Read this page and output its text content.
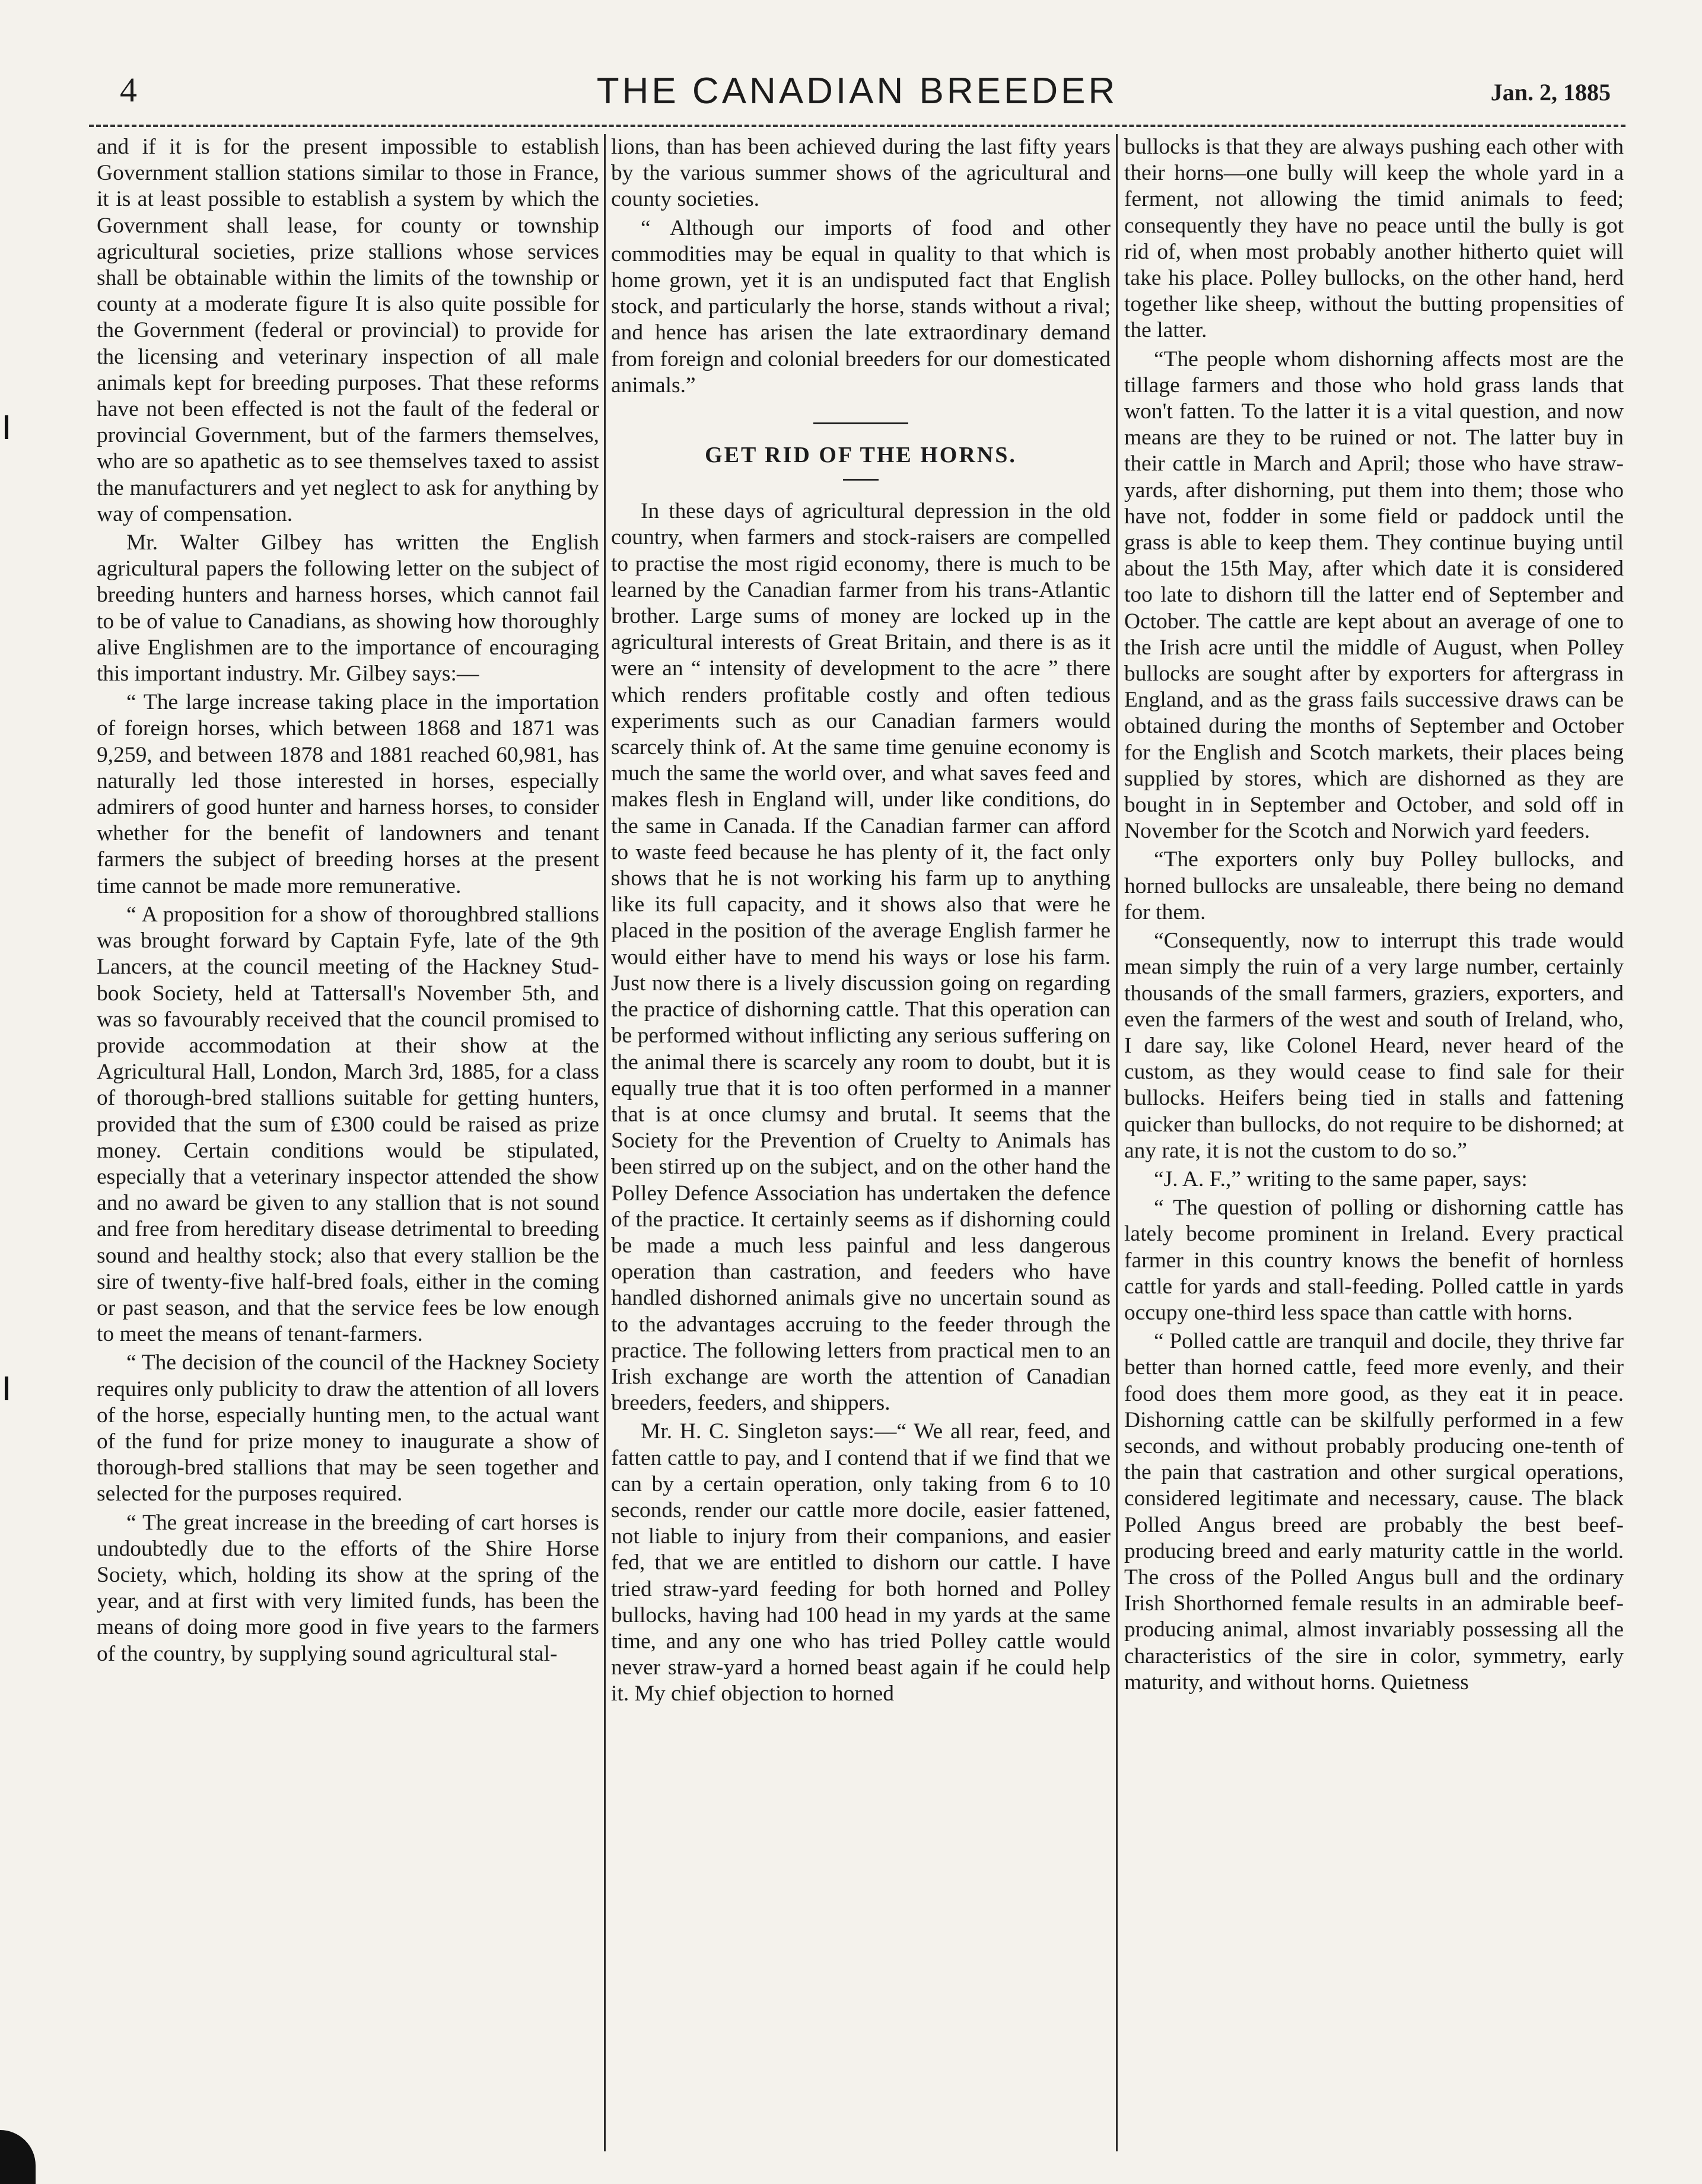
4	THE CANADIAN BREEDER	Jan. 2, 1885

and if it is for the present impossible to establish Government stallion stations similar to those in France, it is at least possible to establish a system by which the Government shall lease, for county or township agricultural societies, prize stallions whose services shall be obtainable within the limits of the township or county at a moderate figure It is also quite possible for the Government (federal or provincial) to provide for the licensing and veterinary inspection of all male animals kept for breeding purposes. That these reforms have not been effected is not the fault of the federal or provincial Government, but of the farmers themselves, who are so apathetic as to see themselves taxed to assist the manufacturers and yet neglect to ask for anything by way of compensation.

Mr. Walter Gilbey has written the English agricultural papers the following letter on the subject of breeding hunters and harness horses, which cannot fail to be of value to Canadians, as showing how thoroughly alive Englishmen are to the importance of encouraging this important industry. Mr. Gilbey says:—

“ The large increase taking place in the importation of foreign horses, which between 1868 and 1871 was 9,259, and between 1878 and 1881 reached 60,981, has naturally led those interested in horses, especially admirers of good hunter and harness horses, to consider whether for the benefit of landowners and tenant farmers the subject of breeding horses at the present time cannot be made more remunerative.

“ A proposition for a show of thoroughbred stallions was brought forward by Captain Fyfe, late of the 9th Lancers, at the council meeting of the Hackney Stud-book Society, held at Tattersall's November 5th, and was so favourably received that the council promised to provide accommodation at their show at the Agricultural Hall, London, March 3rd, 1885, for a class of thorough-bred stallions suitable for getting hunters, provided that the sum of £300 could be raised as prize money. Certain conditions would be stipulated, especially that a veterinary inspector attended the show and no award be given to any stallion that is not sound and free from hereditary disease detrimental to breeding sound and healthy stock; also that every stallion be the sire of twenty-five half-bred foals, either in the coming or past season, and that the service fees be low enough to meet the means of tenant-farmers.

“ The decision of the council of the Hackney Society requires only publicity to draw the attention of all lovers of the horse, especially hunting men, to the actual want of the fund for prize money to inaugurate a show of thorough-bred stallions that may be seen together and selected for the purposes required.

“ The great increase in the breeding of cart horses is undoubtedly due to the efforts of the Shire Horse Society, which, holding its show at the spring of the year, and at first with very limited funds, has been the means of doing more good in five years to the farmers of the country, by supplying sound agricultural stal-

lions, than has been achieved during the last fifty years by the various summer shows of the agricultural and county societies.

“ Although our imports of food and other commodities may be equal in quality to that which is home grown, yet it is an undisputed fact that English stock, and particularly the horse, stands without a rival; and hence has arisen the late extraordinary demand from foreign and colonial breeders for our domesticated animals.”

GET RID OF THE HORNS.

In these days of agricultural depression in the old country, when farmers and stock-raisers are compelled to practise the most rigid economy, there is much to be learned by the Canadian farmer from his trans-Atlantic brother. Large sums of money are locked up in the agricultural interests of Great Britain, and there is as it were an “ intensity of development to the acre ” there which renders profitable costly and often tedious experiments such as our Canadian farmers would scarcely think of. At the same time genuine economy is much the same the world over, and what saves feed and makes flesh in England will, under like conditions, do the same in Canada. If the Canadian farmer can afford to waste feed because he has plenty of it, the fact only shows that he is not working his farm up to anything like its full capacity, and it shows also that were he placed in the position of the average English farmer he would either have to mend his ways or lose his farm. Just now there is a lively discussion going on regarding the practice of dishorning cattle. That this operation can be performed without inflicting any serious suffering on the animal there is scarcely any room to doubt, but it is equally true that it is too often performed in a manner that is at once clumsy and brutal. It seems that the Society for the Prevention of Cruelty to Animals has been stirred up on the subject, and on the other hand the Polley Defence Association has undertaken the defence of the practice. It certainly seems as if dishorning could be made a much less painful and less dangerous operation than castration, and feeders who have handled dishorned animals give no uncertain sound as to the advantages accruing to the feeder through the practice. The following letters from practical men to an Irish exchange are worth the attention of Canadian breeders, feeders, and shippers.

Mr. H. C. Singleton says:—“ We all rear, feed, and fatten cattle to pay, and I contend that if we find that we can by a certain operation, only taking from 6 to 10 seconds, render our cattle more docile, easier fattened, not liable to injury from their companions, and easier fed, that we are entitled to dishorn our cattle. I have tried straw-yard feeding for both horned and Polley bullocks, having had 100 head in my yards at the same time, and any one who has tried Polley cattle would never straw-yard a horned beast again if he could help it. My chief objection to horned

bullocks is that they are always pushing each other with their horns—one bully will keep the whole yard in a ferment, not allowing the timid animals to feed; consequently they have no peace until the bully is got rid of, when most probably another hitherto quiet will take his place. Polley bullocks, on the other hand, herd together like sheep, without the butting propensities of the latter.

“The people whom dishorning affects most are the tillage farmers and those who hold grass lands that won't fatten. To the latter it is a vital question, and now means are they to be ruined or not. The latter buy in their cattle in March and April; those who have straw-yards, after dishorning, put them into them; those who have not, fodder in some field or paddock until the grass is able to keep them. They continue buying until about the 15th May, after which date it is considered too late to dishorn till the latter end of September and October. The cattle are kept about an average of one to the Irish acre until the middle of August, when Polley bullocks are sought after by exporters for aftergrass in England, and as the grass fails successive draws can be obtained during the months of September and October for the English and Scotch markets, their places being supplied by stores, which are dishorned as they are bought in in September and October, and sold off in November for the Scotch and Norwich yard feeders.

“The exporters only buy Polley bullocks, and horned bullocks are unsaleable, there being no demand for them.

“Consequently, now to interrupt this trade would mean simply the ruin of a very large number, certainly thousands of the small farmers, graziers, exporters, and even the farmers of the west and south of Ireland, who, I dare say, like Colonel Heard, never heard of the custom, as they would cease to find sale for their bullocks. Heifers being tied in stalls and fattening quicker than bullocks, do not require to be dishorned; at any rate, it is not the custom to do so.”

“J. A. F.,” writing to the same paper, says:

“ The question of polling or dishorning cattle has lately become prominent in Ireland. Every practical farmer in this country knows the benefit of hornless cattle for yards and stall-feeding. Polled cattle in yards occupy one-third less space than cattle with horns.

“ Polled cattle are tranquil and docile, they thrive far better than horned cattle, feed more evenly, and their food does them more good, as they eat it in peace. Dishorning cattle can be skilfully performed in a few seconds, and without probably producing one-tenth of the pain that castration and other surgical operations, considered legitimate and necessary, cause. The black Polled Angus breed are probably the best beef-producing breed and early maturity cattle in the world. The cross of the Polled Angus bull and the ordinary Irish Shorthorned female results in an admirable beef-producing animal, almost invariably possessing all the characteristics of the sire in color, symmetry, early maturity, and without horns. Quietness
